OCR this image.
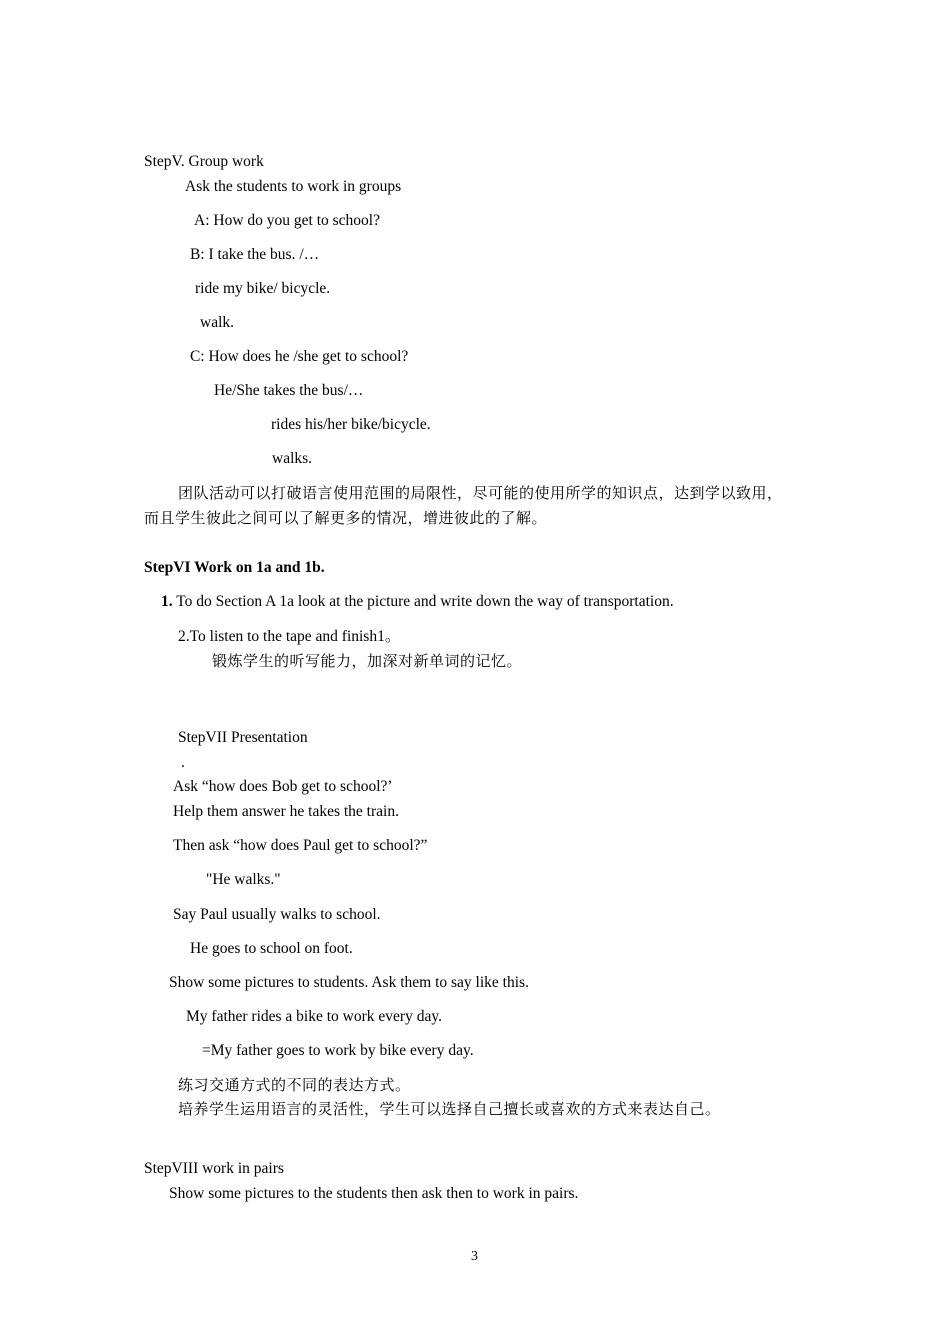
StepV. Group work
Ask the students to work in groups
A: How do you get to school?
B: I take the bus. /…
ride my bike/ bicycle.
walk.
C: How does he /she get to school?
He/She takes the bus/…
rides his/her bike/bicycle.
walks.
团队活动可以打破语言使用范围的局限性，尽可能的使用所学的知识点，达到学以致用，
而且学生彼此之间可以了解更多的情况，增进彼此的了解。
StepVI Work on 1a and 1b.
1. To do Section A 1a look at the picture and write down the way of transportation.
2.To listen to the tape and finish1。
锻炼学生的听写能力，加深对新单词的记忆。
StepVII Presentation
.
Ask “how does Bob get to school?’
Help them answer he takes the train.
Then ask “how does Paul get to school?”
"He walks."
Say Paul usually walks to school.
He goes to school on foot.
Show some pictures to students. Ask them to say like this.
My father rides a bike to work every day.
=My father goes to work by bike every day.
练习交通方式的不同的表达方式。
培养学生运用语言的灵活性，学生可以选择自己擅长或喜欢的方式来表达自己。
StepVIII work in pairs
Show some pictures to the students then ask then to work in pairs.
3
